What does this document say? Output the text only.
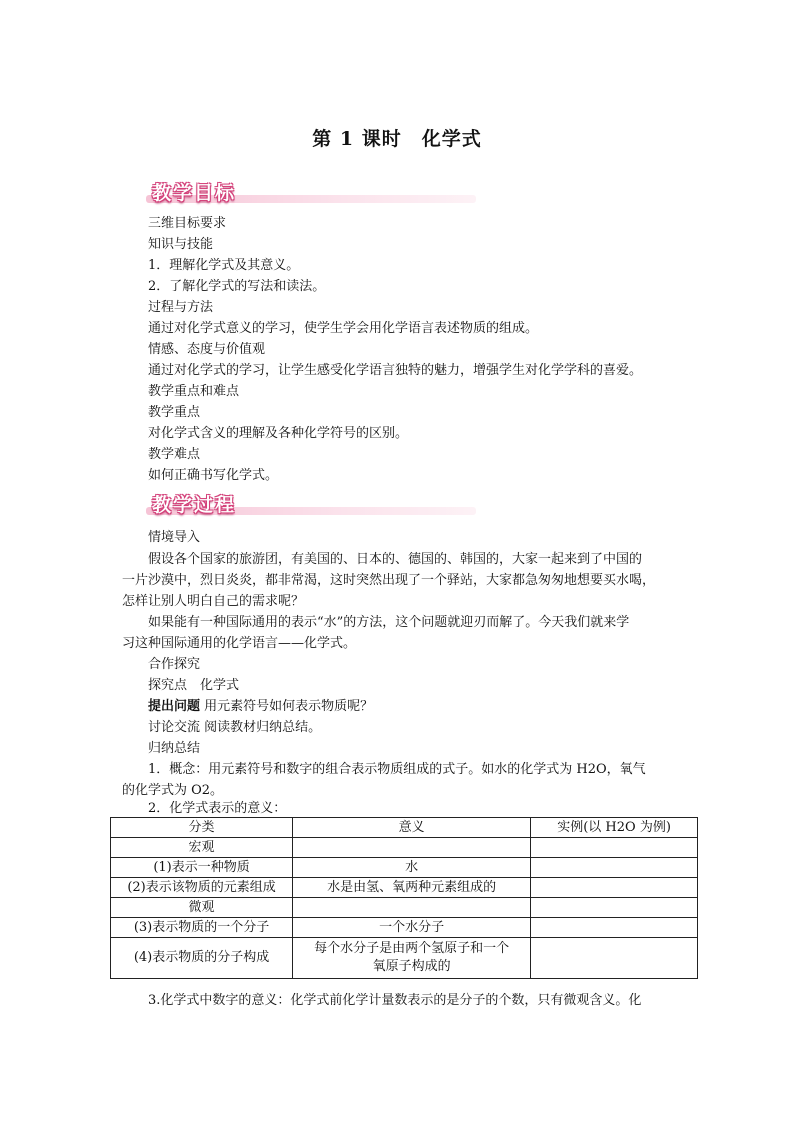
第 1 课时　化学式
教学目标
三维目标要求
知识与技能
1．理解化学式及其意义。
2．了解化学式的写法和读法。
过程与方法
通过对化学式意义的学习，使学生学会用化学语言表述物质的组成。
情感、态度与价值观
通过对化学式的学习，让学生感受化学语言独特的魅力，增强学生对化学学科的喜爱。
教学重点和难点
教学重点
对化学式含义的理解及各种化学符号的区别。
教学难点
如何正确书写化学式。
教学过程
情境导入
假设各个国家的旅游团，有美国的、日本的、德国的、韩国的，大家一起来到了中国的
一片沙漠中，烈日炎炎，都非常渴，这时突然出现了一个驿站，大家都急匆匆地想要买水喝，
怎样让别人明白自己的需求呢？
如果能有一种国际通用的表示“水”的方法，这个问题就迎刃而解了。今天我们就来学
习这种国际通用的化学语言——化学式。
合作探究
探究点　化学式
提出问题 用元素符号如何表示物质呢？
讨论交流 阅读教材归纳总结。
归纳总结
1．概念：用元素符号和数字的组合表示物质组成的式子。如水的化学式为 H2O，氧气
的化学式为 O2。
2．化学式表示的意义：
分类	意义	实例(以 H2O 为例)
宏观		
(1)表示一种物质	水	
(2)表示该物质的元素组成	水是由氢、氧两种元素组成的	
微观		
(3)表示物质的一个分子	一个水分子	
(4)表示物质的分子构成	每个水分子是由两个氢原子和一个
氧原子构成的	
3.化学式中数字的意义：化学式前化学计量数表示的是分子的个数，只有微观含义。化
